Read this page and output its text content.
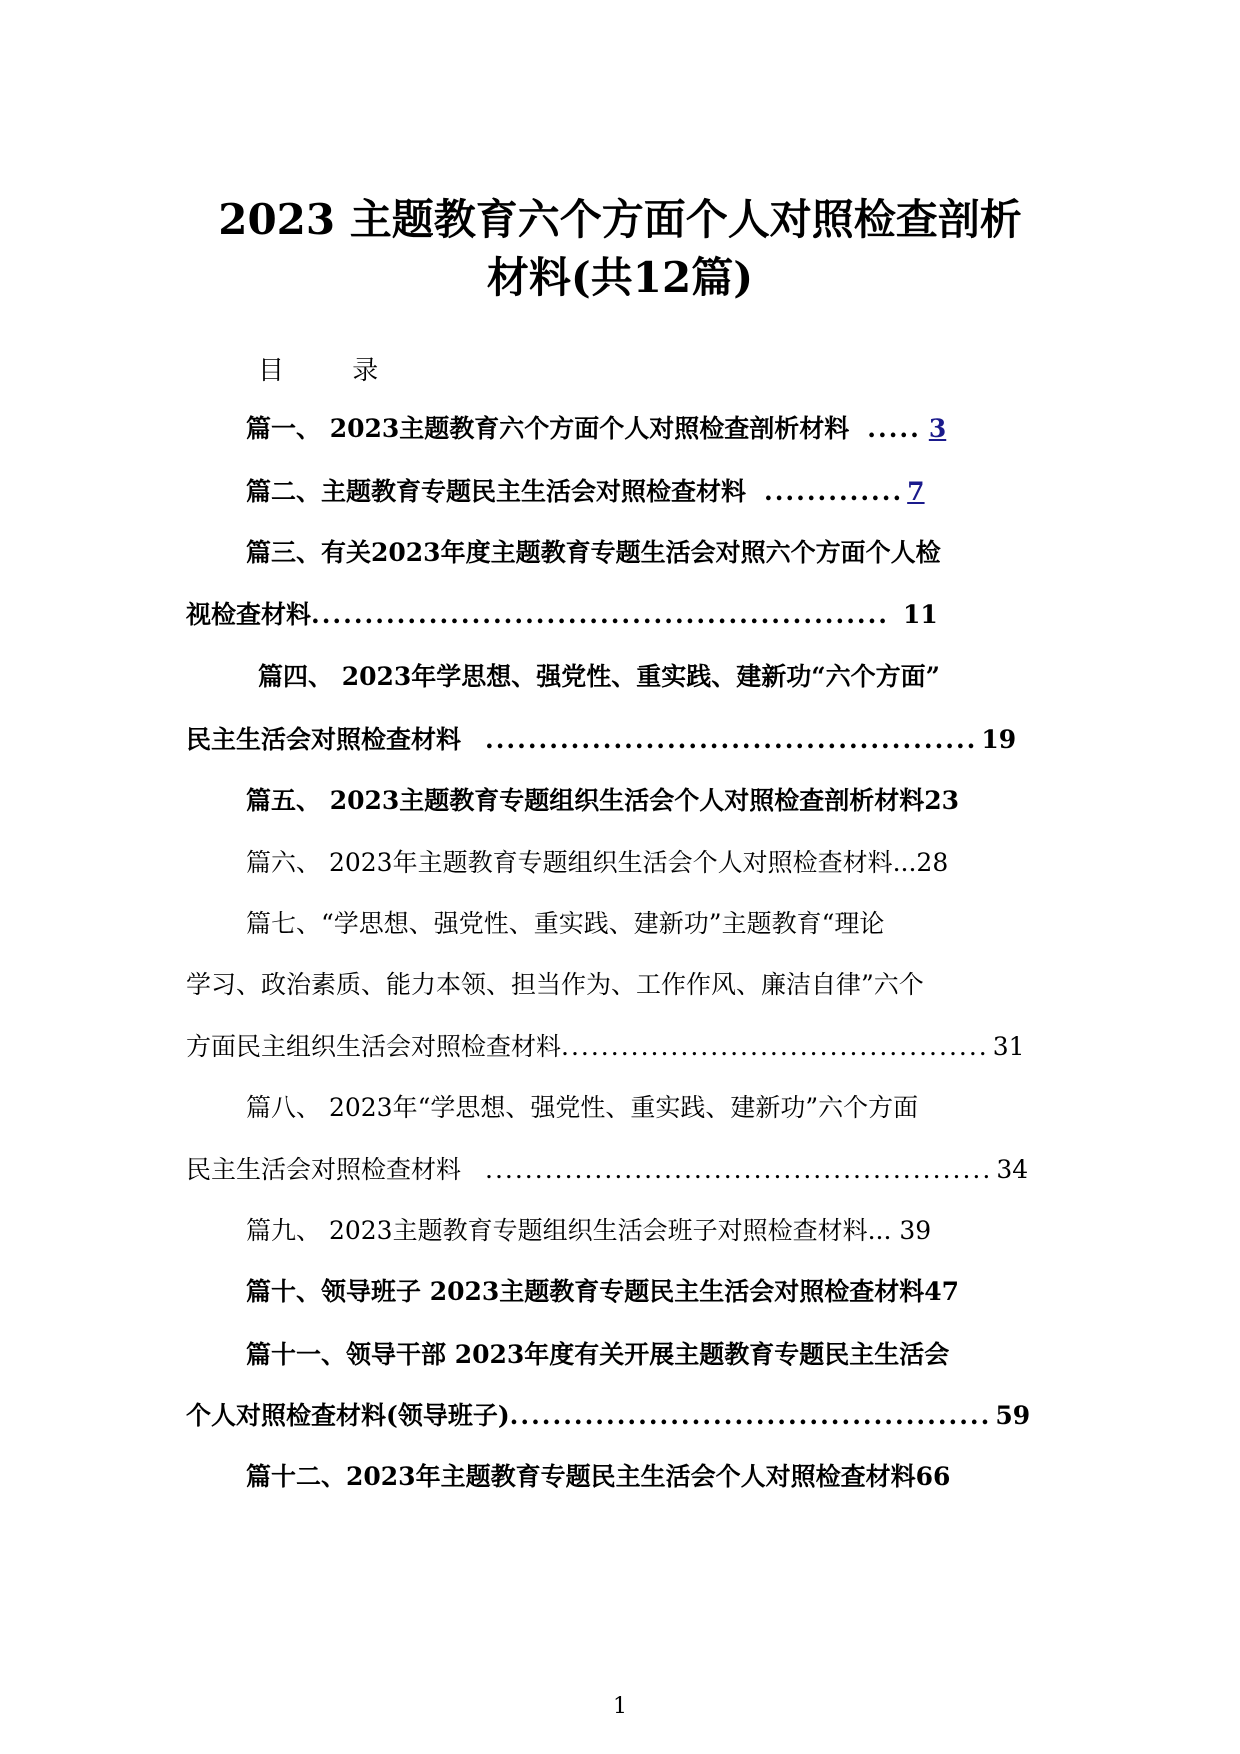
2023 主题教育六个方面个人对照检查剖析
材料(共12篇)
目 录
篇一、 2023主题教育六个方面个人对照检查剖析材料 ..... 3
篇二、主题教育专题民主生活会对照检查材料 ............. 7
篇三、有关2023年度主题教育专题生活会对照六个方面个人检
视检查材料 ...................................................... 11
篇四、 2023年学思想、强党性、重实践、建新功“六个方面”
民主生活会对照检查材料 .............................................. 19
篇五、 2023主题教育专题组织生活会个人对照检查剖析材料23
篇六、 2023年主题教育专题组织生活会个人对照检查材料...28
篇七、“学思想、强党性、重实践、建新功”主题教育“理论
学习、政治素质、能力本领、担当作为、工作作风、廉洁自律”六个
方面民主组织生活会对照检查材料 ........................................... 31
篇八、 2023年“学思想、强党性、重实践、建新功”六个方面
民主生活会对照检查材料 ................................................... 34
篇九、 2023主题教育专题组织生活会班子对照检查材料... 39
篇十、领导班子 2023主题教育专题民主生活会对照检查材料47
篇十一、领导干部 2023年度有关开展主题教育专题民主生活会
个人对照检查材料(领导班子) ............................................. 59
篇十二、2023年主题教育专题民主生活会个人对照检查材料66
1
